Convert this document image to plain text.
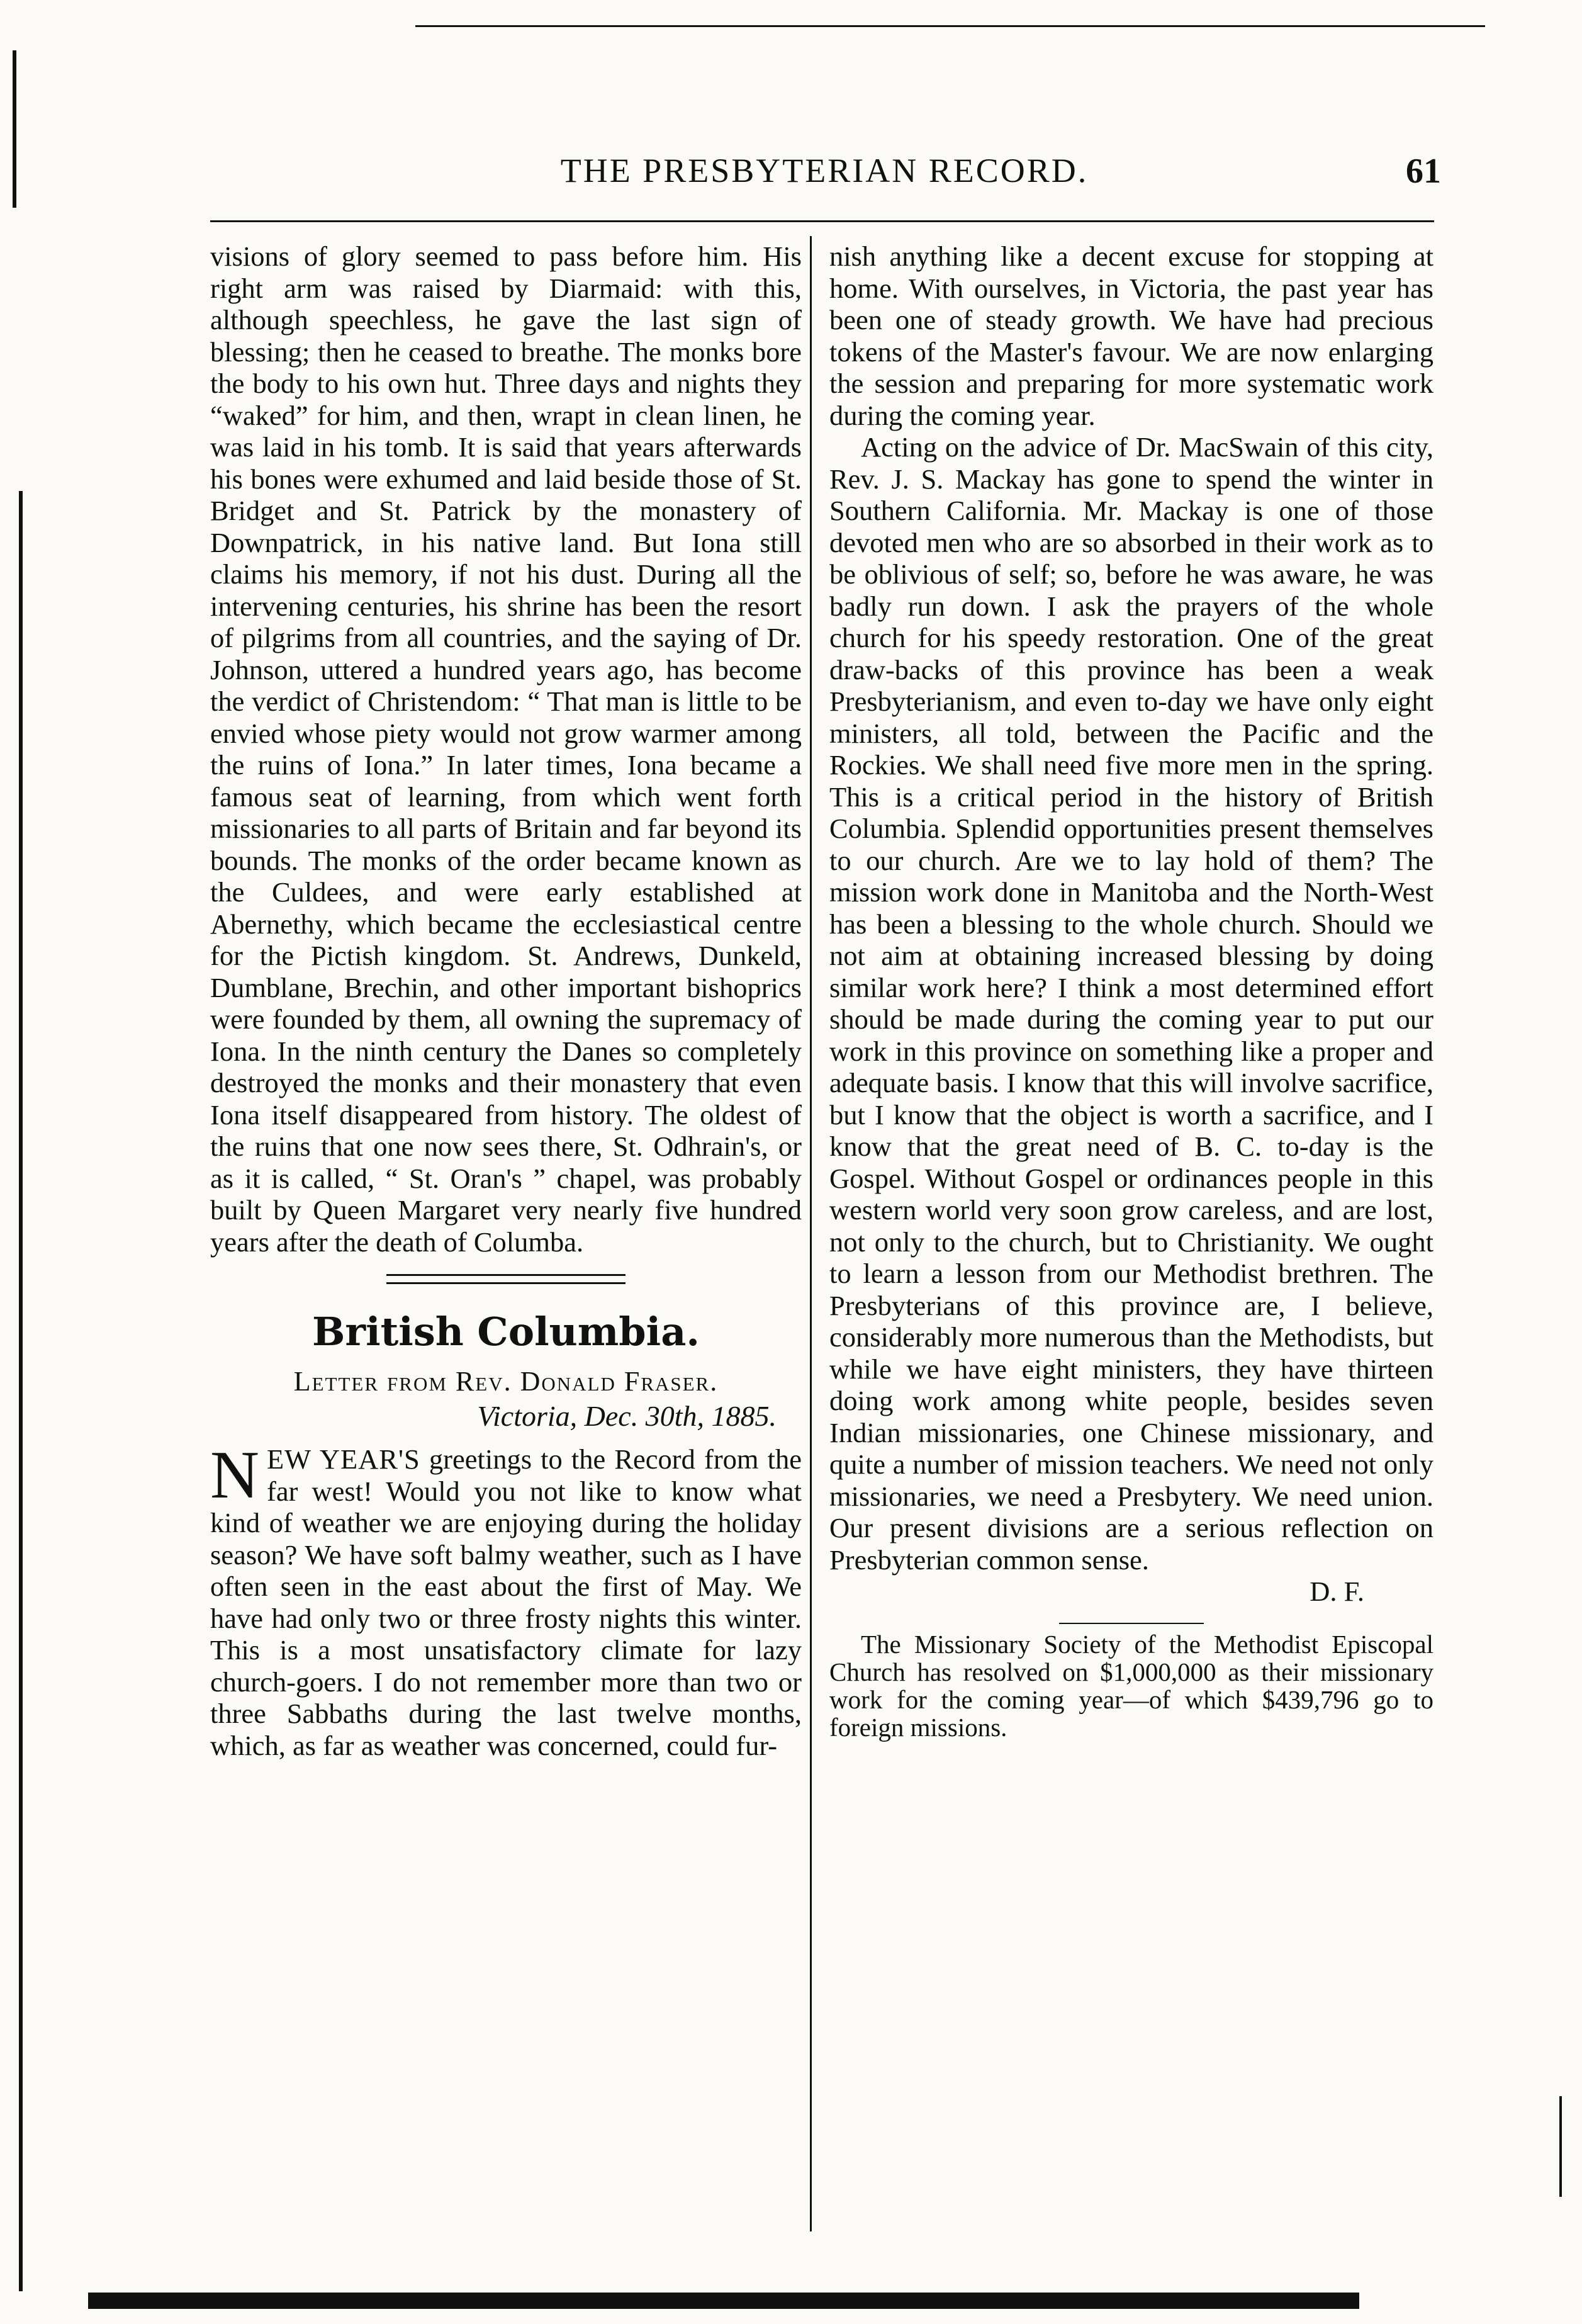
THE PRESBYTERIAN RECORD.	61

visions of glory seemed to pass before him. His right arm was raised by Diarmaid: with this, although speechless, he gave the last sign of blessing; then he ceased to breathe. The monks bore the body to his own hut. Three days and nights they “waked” for him, and then, wrapt in clean linen, he was laid in his tomb. It is said that years afterwards his bones were exhumed and laid beside those of St. Bridget and St. Patrick by the monastery of Downpatrick, in his native land. But Iona still claims his memory, if not his dust. During all the intervening centuries, his shrine has been the resort of pilgrims from all countries, and the saying of Dr. Johnson, uttered a hundred years ago, has become the verdict of Christendom: “ That man is little to be envied whose piety would not grow warmer among the ruins of Iona.” In later times, Iona became a famous seat of learning, from which went forth missionaries to all parts of Britain and far beyond its bounds. The monks of the order became known as the Culdees, and were early established at Abernethy, which became the ecclesiastical centre for the Pictish kingdom. St. Andrews, Dunkeld, Dumblane, Brechin, and other important bishoprics were founded by them, all owning the supremacy of Iona. In the ninth century the Danes so completely destroyed the monks and their monastery that even Iona itself disappeared from history. The oldest of the ruins that one now sees there, St. Odhrain's, or as it is called, “ St. Oran's ” chapel, was probably built by Queen Margaret very nearly five hundred years after the death of Columba.

British Columbia.
Letter from Rev. Donald Fraser.
Victoria, Dec. 30th, 1885.

NEW YEAR'S greetings to the Record from the far west! Would you not like to know what kind of weather we are enjoying during the holiday season? We have soft balmy weather, such as I have often seen in the east about the first of May. We have had only two or three frosty nights this winter. This is a most unsatisfactory climate for lazy church-goers. I do not remember more than two or three Sabbaths during the last twelve months, which, as far as weather was concerned, could fur-

nish anything like a decent excuse for stopping at home. With ourselves, in Victoria, the past year has been one of steady growth. We have had precious tokens of the Master's favour. We are now enlarging the session and preparing for more systematic work during the coming year.

Acting on the advice of Dr. MacSwain of this city, Rev. J. S. Mackay has gone to spend the winter in Southern California. Mr. Mackay is one of those devoted men who are so absorbed in their work as to be oblivious of self; so, before he was aware, he was badly run down. I ask the prayers of the whole church for his speedy restoration. One of the great draw-backs of this province has been a weak Presbyterianism, and even to-day we have only eight ministers, all told, between the Pacific and the Rockies. We shall need five more men in the spring. This is a critical period in the history of British Columbia. Splendid opportunities present themselves to our church. Are we to lay hold of them? The mission work done in Manitoba and the North-West has been a blessing to the whole church. Should we not aim at obtaining increased blessing by doing similar work here? I think a most determined effort should be made during the coming year to put our work in this province on something like a proper and adequate basis. I know that this will involve sacrifice, but I know that the object is worth a sacrifice, and I know that the great need of B. C. to-day is the Gospel. Without Gospel or ordinances people in this western world very soon grow careless, and are lost, not only to the church, but to Christianity. We ought to learn a lesson from our Methodist brethren. The Presbyterians of this province are, I believe, considerably more numerous than the Methodists, but while we have eight ministers, they have thirteen doing work among white people, besides seven Indian missionaries, one Chinese missionary, and quite a number of mission teachers. We need not only missionaries, we need a Presbytery. We need union. Our present divisions are a serious reflection on Presbyterian common sense.

D. F.

The Missionary Society of the Methodist Episcopal Church has resolved on $1,000,000 as their missionary work for the coming year—of which $439,796 go to foreign missions.
